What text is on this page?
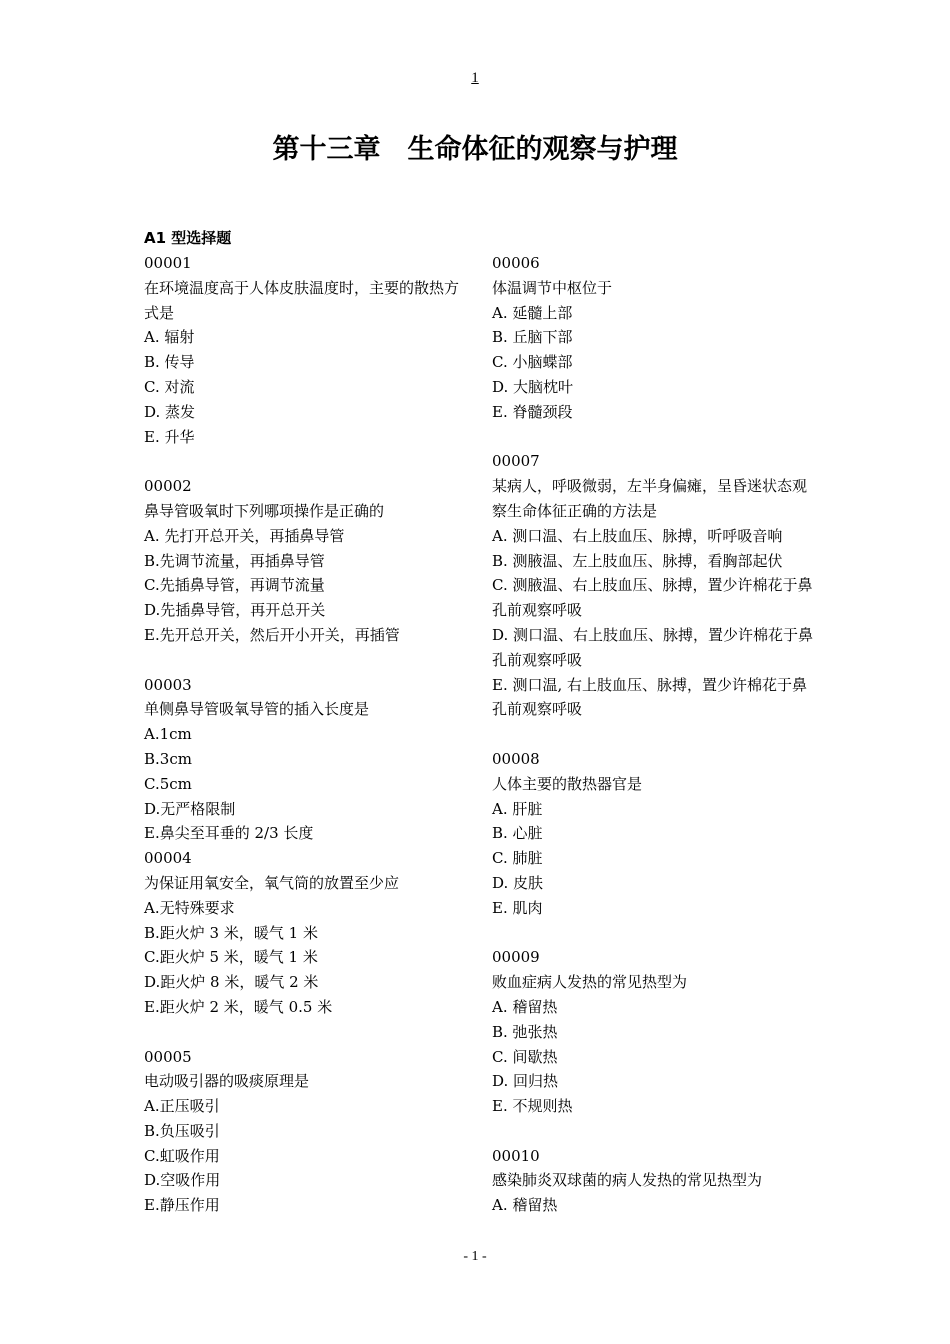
1
第十三章　生命体征的观察与护理
A1 型选择题
00001
在环境温度高于人体皮肤温度时，主要的散热方式是
A. 辐射
B. 传导
C. 对流
D. 蒸发
E. 升华
00002
鼻导管吸氧时下列哪项操作是正确的
A. 先打开总开关，再插鼻导管
B.先调节流量，再插鼻导管
C.先插鼻导管，再调节流量
D.先插鼻导管，再开总开关
E.先开总开关，然后开小开关，再插管
00003
单侧鼻导管吸氧导管的插入长度是
A.1cm
B.3cm
C.5cm
D.无严格限制
E.鼻尖至耳垂的 2/3 长度
00004
为保证用氧安全，氧气筒的放置至少应
A.无特殊要求
B.距火炉 3 米，暖气 1 米
C.距火炉 5 米，暖气 1 米
D.距火炉 8 米，暖气 2 米
E.距火炉 2 米，暖气 0.5 米
00005
电动吸引器的吸痰原理是
A.正压吸引
B.负压吸引
C.虹吸作用
D.空吸作用
E.静压作用
00006
体温调节中枢位于
A. 延髓上部
B. 丘脑下部
C. 小脑蝶部
D. 大脑枕叶
E. 脊髓颈段
00007
某病人，呼吸微弱，左半身偏瘫，呈昏迷状态观察生命体征正确的方法是
A. 测口温、右上肢血压、脉搏，听呼吸音响
B. 测腋温、左上肢血压、脉搏，看胸部起伏
C. 测腋温、右上肢血压、脉搏，置少许棉花于鼻孔前观察呼吸
D. 测口温、右上肢血压、脉搏，置少许棉花于鼻孔前观察呼吸
E. 测口温, 右上肢血压、脉搏，置少许棉花于鼻孔前观察呼吸
00008
人体主要的散热器官是
A. 肝脏
B. 心脏
C. 肺脏
D. 皮肤
E. 肌肉
00009
败血症病人发热的常见热型为
A. 稽留热
B. 弛张热
C. 间歇热
D. 回归热
E. 不规则热
00010
感染肺炎双球菌的病人发热的常见热型为
A. 稽留热
- 1 -
